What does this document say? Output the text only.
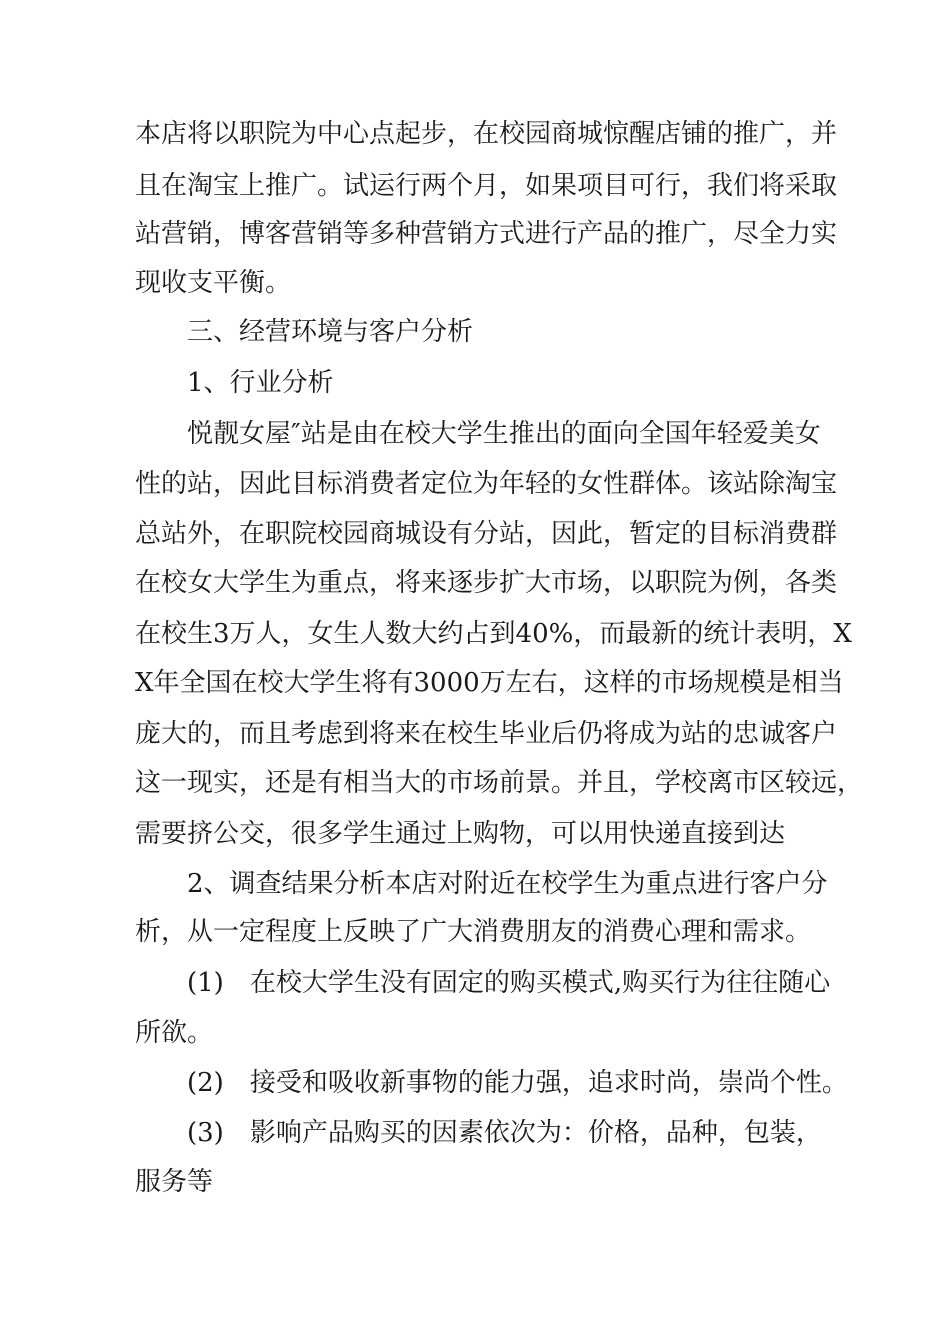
本店将以职院为中心点起步，在校园商城惊醒店铺的推广，并

且在淘宝上推广。试运行两个月，如果项目可行，我们将采取

站营销，博客营销等多种营销方式进行产品的推广，尽全力实

现收支平衡。

三、经营环境与客户分析

1、行业分析

悦靓女屋″站是由在校大学生推出的面向全国年轻爱美女

性的站，因此目标消费者定位为年轻的女性群体。该站除淘宝

总站外，在职院校园商城设有分站，因此，暂定的目标消费群

在校女大学生为重点，将来逐步扩大市场，以职院为例，各类

在校生3万人，女生人数大约占到40%，而最新的统计表明，X

X年全国在校大学生将有3000万左右，这样的市场规模是相当

庞大的，而且考虑到将来在校生毕业后仍将成为站的忠诚客户

这一现实，还是有相当大的市场前景。并且，学校离市区较远，

需要挤公交，很多学生通过上购物，可以用快递直接到达

2、调查结果分析本店对附近在校学生为重点进行客户分

析，从一定程度上反映了广大消费朋友的消费心理和需求。

(1)　在校大学生没有固定的购买模式,购买行为往往随心

所欲。

(2)　接受和吸收新事物的能力强，追求时尚，崇尚个性。

(3)　影响产品购买的因素依次为：价格，品种，包装，

服务等
